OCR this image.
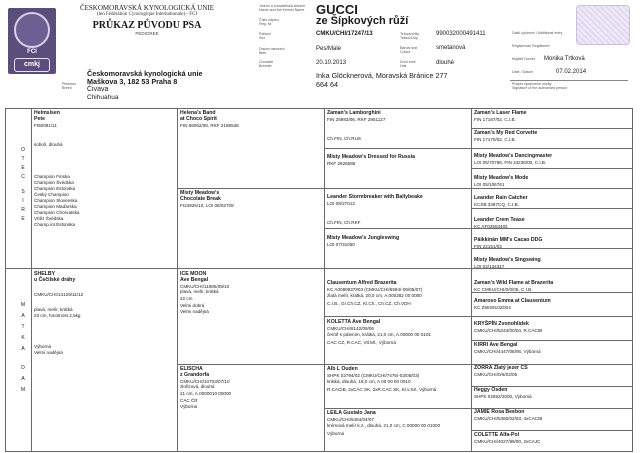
FCI
cmkj
ČESKOMORAVSKÁ KYNOLOGICKÁ UNIE
(len Fédération Cynologique Internationale) - FCI
PRŮKAZ PŮVODU PSA
PEDIGREE
Plemeno
Breed
Českomoravská kynologická unie
Maškova 3, 182 53 Praha 8
Čivava
Chihuahua
Jméno a chovatelská stanice
Name and the Kennel Name
Číslo zápisu
Reg. Nr.
Pohlaví
Sex
Datum narození
Birth
Chovatel
Breeder
GUCCI
ze Šípkových růží
CMKU/CHI/17247/13
Pes/Male
20.10.2013
Inka Glöcknerová, Moravská Bránice 277
664 64
Tetování/čip
Tattoo/Chip
Barva/ srst
Colour
Druh srsti
Hair
990032000491411
smetanová
dlouhé
Další ujedneni / Additional entry
Registrován Registered
Majitel/ Owner	Monika Trtková
Date / Datum	07.02.2014
Podpis oprávněné osoby
Signature of the authorised person
O
T
E
C
S
I
R
E
M
A
T
K
A
D
A
M
Helmslsen
Pete
FI50091/11
sobolí, dlouhá
Champion Finska
Champion Švédska
Champion Estonska
Český Champion
Champion Slovenska
Champion Maďarska
Champion Chorvatska
Vítěz Švédska
Champ.int.Estonska
SHELBY
u Čečilské dráhy
CMKU/CHI/14129/11/12
plavá, melír, krátká
23 cm, hmotnost 2,5kg
Výborná
Velmi nadějná
Helena's Band
at Choco Spirit
FIN 66062/08, RKF 2186548
Misty Meadow's
Chocolate Break
FI24926/10, LOI 08/02708
ICE MOON
Ave Bengal
CMKU/CHI/11985/09/10
plavá, melír, krátká
22 cm
Velmi dobrá
Velmi nadějná
ELISCHA
z Grandorfa
CMKU/CHI/10703/07/10
zlořizová, dlouhá
21 cm, A.0000010 00000
CAC ČR
Výborná
Zaman's Lamborghini
FIN 25983/06, RKF 2951127
Ch.FIN, Ch.RUS
Misty Meadow's Dressed for Russia
RKF 2626586
Leander Stormbreaker with Ballybeake
LOI 08/27013
Ch.FIN, Ch.RKF
Misty Meadow's Jungleswing
LOI 07/31050
Clausentum Alfred Brazerita
KC A0080937803 (CMKU/CHI/6594/-06/05/07)
zlatá melír, krátká, 20,0 cm, A.000282 00 0000
C.I.B., Gr.Ch.CZ, Kl.Ch., Ch.CZ, Ch.VDH
KOLETTA Ave Bengal
CMKU/CHI/8142/09/06
černě s pálením, krátká, 21,0 cm, A.00000 00 0101
CAC CZ, R.CAC, Vtl.Ml., Výborná
Alb L Ouden
SHPK 02794/02 (CMKU/CHI/7476/-03/05/03)
krátká, dlouhá, 18,0 cm, A 00 00 00 0010
R.CACIB, 2xCAC SK, 2xR.CAC SK, Kl.v.SK, Výborná
LEILA Gustalo Jana
CMKU/CHI/5454/04/07
krémová melír k.z., dlouhá, 21,0 cm, C 00000 00 01000
Výborná
Zaman's Laser Flame
FIN 17167/02, C.I.B.
Zaman's My Red Corvette
FIN 17170/02, C.I.B.
Misty Meadow's Dancingmaster
LOI 05/70786, FIN 24236/00, C.I.B.
Misty Meadow's Mode
LOI 05/106761
Leander Rain Catcher
KCSB 3487CQ, C.I.B.
Leander Crem Tease
KC AF02553404
Päikkinän MM's Cacao DDG
FIN 22151/03
Misty Meadow's Singswing
LOI 02/134317
Zaman's Wild Flame at Brazerita
KC CMKU/CHI/0/0/05, C.I.B.
Amaroso Emma at Clausentum
KC Z5829102D04
KRYŠPÍN Zvonohlídek
CMKU/CHI/5244/00/04, R.CACIB
KIRRI Ave Bengal
CMKU/CHI/4447/08/06, Výborná
ZORRA Zlatý jezer CS
CMKU/CHI/0/6/02/05
Heggy Osden
SHPK 02852/2000, Výborná
JAMIE Rosa Beebon
CMKU/CHI/5360/02/03, 4xCACIB
COLETTE Alfa-Pol
CMKU/CHI/4027/99/00, 2xCAJC
